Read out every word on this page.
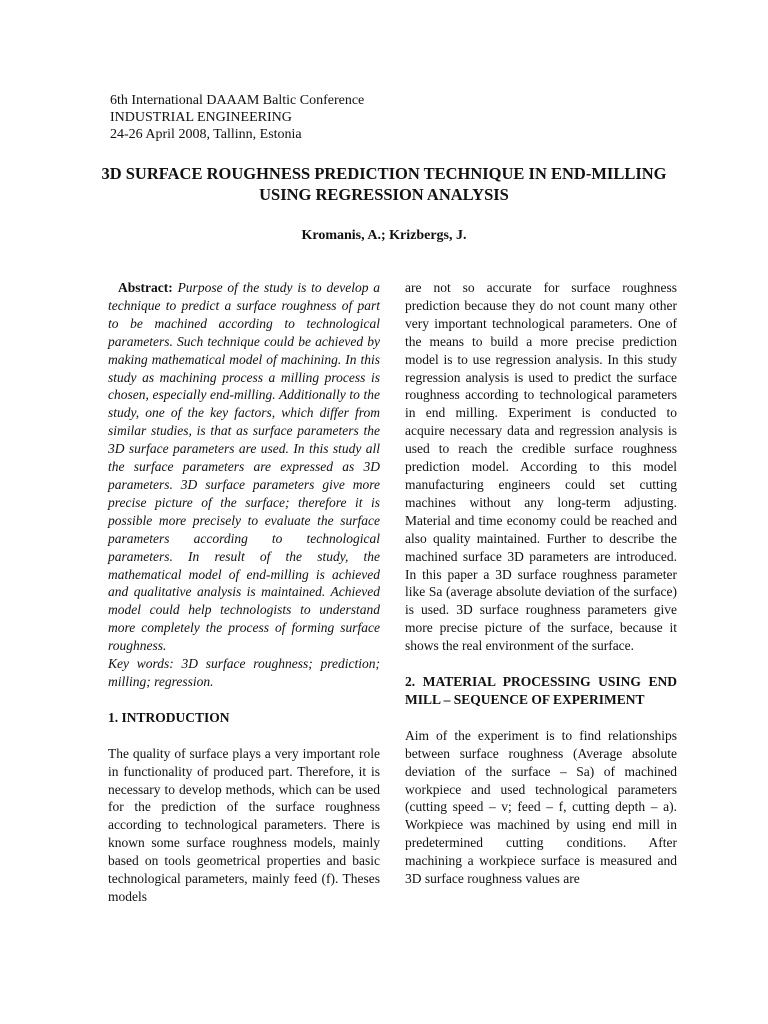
6th International DAAAM Baltic Conference
INDUSTRIAL ENGINEERING
24-26 April 2008, Tallinn, Estonia
3D SURFACE ROUGHNESS PREDICTION TECHNIQUE IN END-MILLING USING REGRESSION ANALYSIS
Kromanis, A.; Krizbergs, J.

Abstract: Purpose of the study is to develop a technique to predict a surface roughness of part to be machined according to technological parameters. Such technique could be achieved by making mathematical model of machining. In this study as machining process a milling process is chosen, especially end-milling. Additionally to the study, one of the key factors, which differ from similar studies, is that as surface parameters the 3D surface parameters are used. In this study all the surface parameters are expressed as 3D parameters. 3D surface parameters give more precise picture of the surface; therefore it is possible more precisely to evaluate the surface parameters according to technological parameters. In result of the study, the mathematical model of end-milling is achieved and qualitative analysis is maintained. Achieved model could help technologists to understand more completely the process of forming surface roughness.

Key words: 3D surface roughness; prediction; milling; regression.

1. INTRODUCTION

The quality of surface plays a very important role in functionality of produced part. Therefore, it is necessary to develop methods, which can be used for the prediction of the surface roughness according to technological parameters. There is known some surface roughness models, mainly based on tools geometrical properties and basic technological parameters, mainly feed (f). Theses models

are not so accurate for surface roughness prediction because they do not count many other very important technological parameters. One of the means to build a more precise prediction model is to use regression analysis. In this study regression analysis is used to predict the surface roughness according to technological parameters in end milling. Experiment is conducted to acquire necessary data and regression analysis is used to reach the credible surface roughness prediction model. According to this model manufacturing engineers could set cutting machines without any long-term adjusting. Material and time economy could be reached and also quality maintained. Further to describe the machined surface 3D parameters are introduced. In this paper a 3D surface roughness parameter like Sa (average absolute deviation of the surface) is used. 3D surface roughness parameters give more precise picture of the surface, because it shows the real environment of the surface.

2. MATERIAL PROCESSING USING END MILL – SEQUENCE OF EXPERIMENT

Aim of the experiment is to find relationships between surface roughness (Average absolute deviation of the surface – Sa) of machined workpiece and used technological parameters (cutting speed – v; feed – f, cutting depth – a). Workpiece was machined by using end mill in predetermined cutting conditions. After machining a workpiece surface is measured and 3D surface roughness values are
